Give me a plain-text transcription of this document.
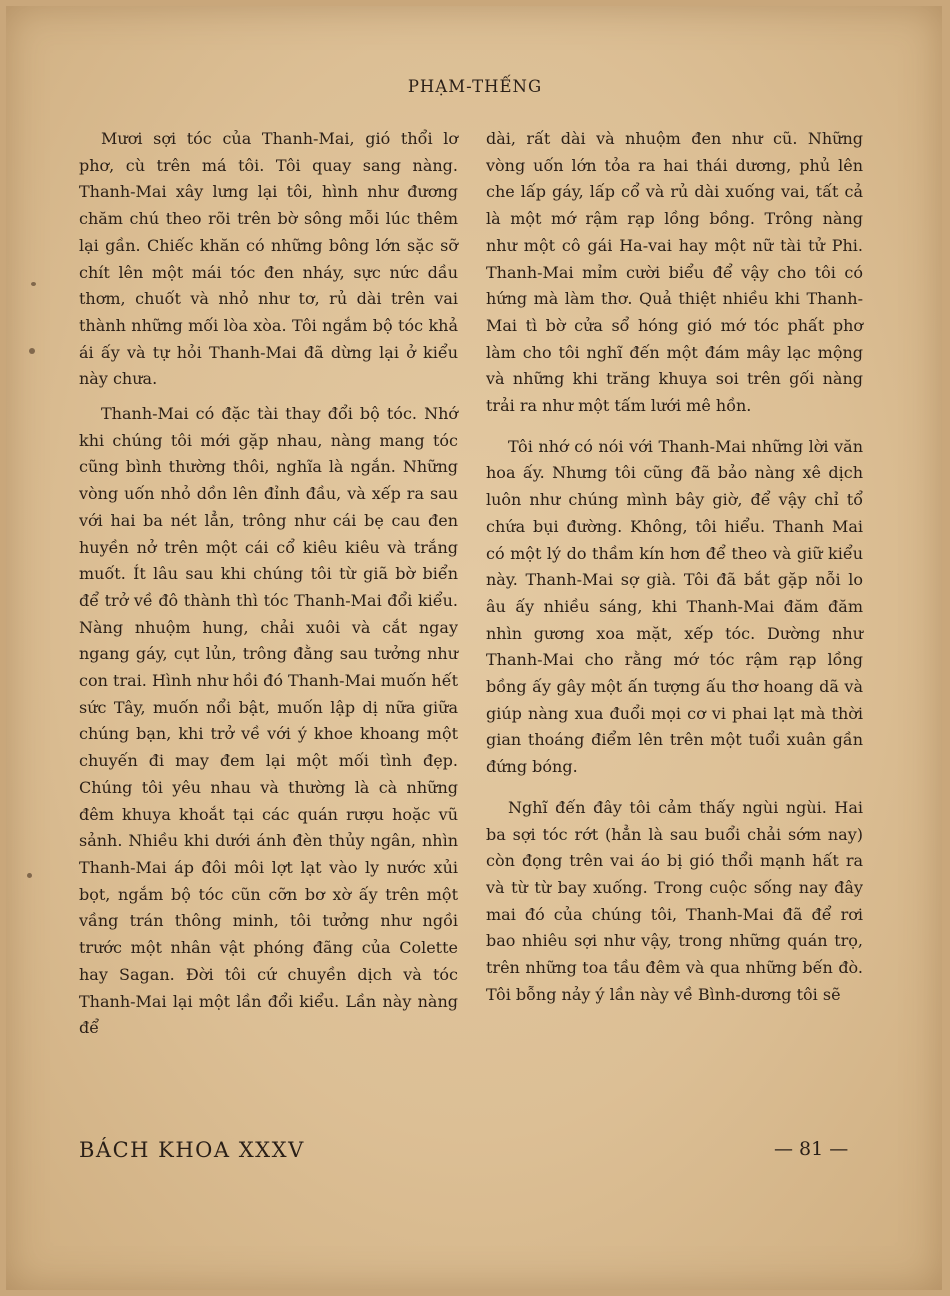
PHẠM-THẾNG

Mươi sợi tóc của Thanh-Mai, gió thổi lơ phơ, cù trên má tôi. Tôi quay sang nàng. Thanh-Mai xây lưng lại tôi, hình như đương chăm chú theo rõi trên bờ sông mỗi lúc thêm lại gần. Chiếc khăn có những bông lớn sặc sỡ chít lên một mái tóc đen nháy, sực nức dầu thơm, chuốt và nhỏ như tơ, rủ dài trên vai thành những mối lòa xòa. Tôi ngắm bộ tóc khả ái ấy và tự hỏi Thanh-Mai đã dừng lại ở kiểu này chưa.

Thanh-Mai có đặc tài thay đổi bộ tóc. Nhớ khi chúng tôi mới gặp nhau, nàng mang tóc cũng bình thường thôi, nghĩa là ngắn. Những vòng uốn nhỏ dồn lên đỉnh đầu, và xếp ra sau với hai ba nét lẳn, trông như cái bẹ cau đen huyền nở trên một cái cổ kiêu kiêu và trắng muốt. Ít lâu sau khi chúng tôi từ giã bờ biển để trở về đô thành thì tóc Thanh-Mai đổi kiểu. Nàng nhuộm hung, chải xuôi và cắt ngay ngang gáy, cụt lủn, trông đằng sau tưởng như con trai. Hình như hồi đó Thanh-Mai muốn hết sức Tây, muốn nổi bật, muốn lập dị nữa giữa chúng bạn, khi trở về với ý khoe khoang một chuyến đi may đem lại một mối tình đẹp. Chúng tôi yêu nhau và thường là cà những đêm khuya khoắt tại các quán rượu hoặc vũ sảnh. Nhiều khi dưới ánh đèn thủy ngân, nhìn Thanh-Mai áp đôi môi lợt lạt vào ly nước xủi bọt, ngắm bộ tóc cũn cỡn bơ xờ ấy trên một vầng trán thông minh, tôi tưởng như ngồi trước một nhân vật phóng đãng của Colette hay Sagan. Đời tôi cứ chuyền dịch và tóc Thanh-Mai lại một lần đổi kiểu. Lần này nàng để

dài, rất dài và nhuộm đen như cũ. Những vòng uốn lớn tỏa ra hai thái dương, phủ lên che lấp gáy, lấp cổ và rủ dài xuống vai, tất cả là một mớ rậm rạp lồng bồng. Trông nàng như một cô gái Ha-vai hay một nữ tài tử Phi. Thanh-Mai mỉm cười biểu để vậy cho tôi có hứng mà làm thơ. Quả thiệt nhiều khi Thanh-Mai tì bờ cửa sổ hóng gió mớ tóc phất phơ làm cho tôi nghĩ đến một đám mây lạc mộng và những khi trăng khuya soi trên gối nàng trải ra như một tấm lưới mê hồn.

Tôi nhớ có nói với Thanh-Mai những lời văn hoa ấy. Nhưng tôi cũng đã bảo nàng xê dịch luôn như chúng mình bây giờ, để vậy chỉ tổ chứa bụi đường. Không, tôi hiểu. Thanh Mai có một lý do thầm kín hơn để theo và giữ kiểu này. Thanh-Mai sợ già. Tôi đã bắt gặp nỗi lo âu ấy nhiều sáng, khi Thanh-Mai đăm đăm nhìn gương xoa mặt, xếp tóc. Dường như Thanh-Mai cho rằng mớ tóc rậm rạp lồng bồng ấy gây một ấn tượng ấu thơ hoang dã và giúp nàng xua đuổi mọi cơ vi phai lạt mà thời gian thoáng điểm lên trên một tuổi xuân gần đứng bóng.

Nghĩ đến đây tôi cảm thấy ngùi ngùi. Hai ba sợi tóc rớt (hẳn là sau buổi chải sớm nay) còn đọng trên vai áo bị gió thổi mạnh hất ra và từ từ bay xuống. Trong cuộc sống nay đây mai đó của chúng tôi, Thanh-Mai đã để rơi bao nhiêu sợi như vậy, trong những quán trọ, trên những toa tầu đêm và qua những bến đò. Tôi bỗng nảy ý lần này về Bình-dương tôi sẽ

BÁCH KHOA XXXV	— 81 —
